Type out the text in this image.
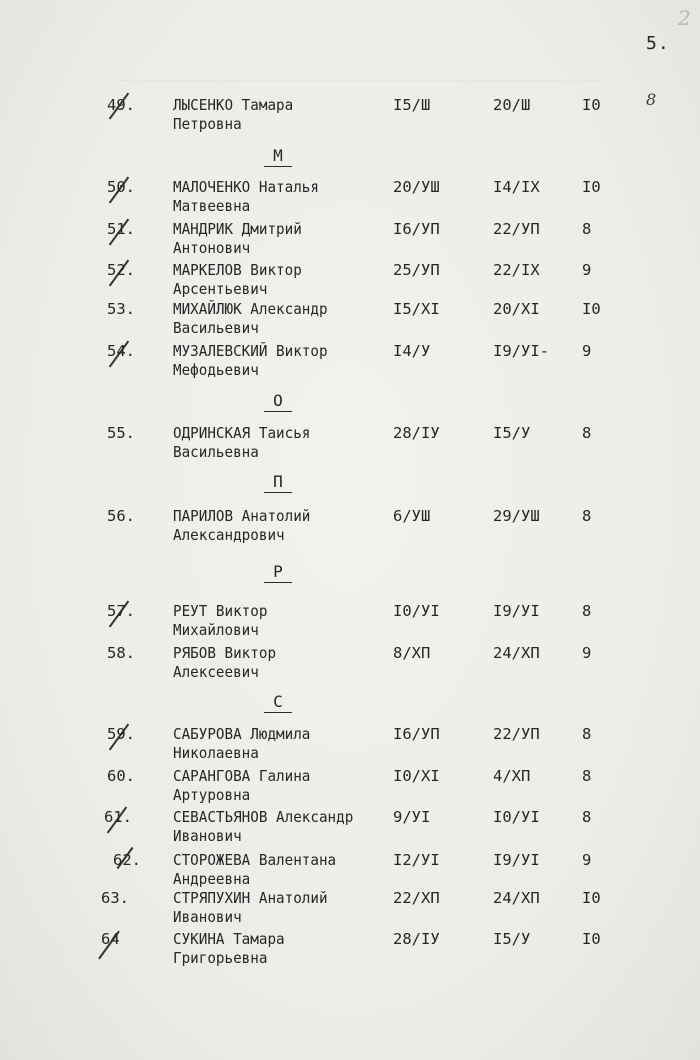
2
5.
8
М
О
П
Р
С
49. ЛЫСЕНКО Тамара
Петровна
I5/Ш	20/Ш	I0
50. МАЛОЧЕНКО Наталья
Матвеевна
20/УШ	I4/IX	I0
51. МАНДРИК Дмитрий
Антонович
I6/УП	22/УП	8
52. МАРКЕЛОВ Виктор
Арсентьевич
25/УП	22/IX	9
53. МИХАЙЛЮК Александр
Васильевич
I5/XI	20/XI	I0
54. МУЗАЛЕВСКИЙ Виктор
Мефодьевич
I4/У	I9/УI- 9
55. ОДРИНСКАЯ Таисья
Васильевна
28/IУ	I5/У	8
56. ПАРИЛОВ Анатолий
Александрович
6/УШ	29/УШ	8
57. РЕУТ Виктор
Михайлович
I0/УI	I9/УI	8
58. РЯБОВ Виктор
Алексеевич
8/XП	24/XП	9
59. САБУРОВА Людмила
Николаевна
I6/УП	22/УП	8
60. САРАНГОВА Галина
Артуровна
I0/XI	4/XП	8
61.	СЕВАСТЬЯНОВ Александр
Иванович
9/УI	I0/УI	8
62. СТОРОЖЕВА Валентана
Андреевна
I2/УI	I9/УI	9
63.	СТРЯПУХИН Анатолий
Иванович
22/XП	24/XП	I0
64	СУКИНА Тамара
Григорьевна
28/IУ	I5/У	I0
